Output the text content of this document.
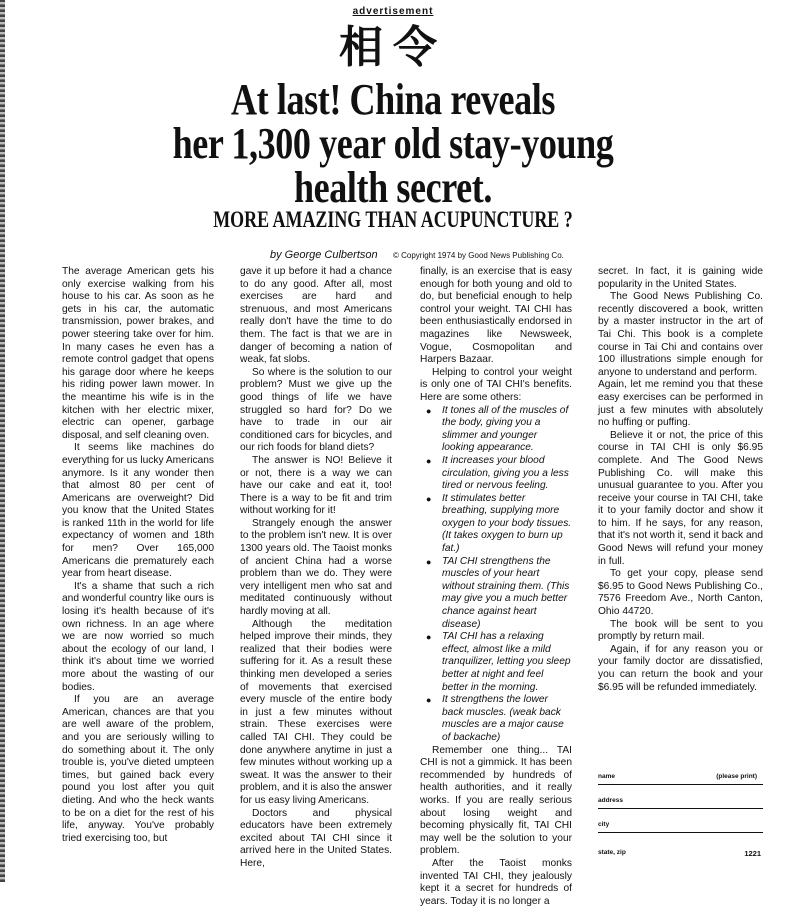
advertisement
相令
At last! China reveals
her 1,300 year old stay-young
health secret.
MORE AMAZING THAN ACUPUNCTURE ?
by George Culbertson © Copyright 1974 by Good News Publishing Co.

The average American gets his only exercise walking from his house to his car. As soon as he gets in his car, the automatic transmission, power brakes, and power steering take over for him. In many cases he even has a remote control gadget that opens his garage door where he keeps his riding power lawn mower. In the meantime his wife is in the kitchen with her electric mixer, electric can opener, garbage disposal, and self cleaning oven.

It seems like machines do everything for us lucky Americans anymore. Is it any wonder then that almost 80 per cent of Americans are overweight? Did you know that the United States is ranked 11th in the world for life expectancy of women and 18th for men? Over 165,000 Americans die prematurely each year from heart disease.

It's a shame that such a rich and wonderful country like ours is losing it's health because of it's own richness. In an age where we are now worried so much about the ecology of our land, I think it's about time we worried more about the wasting of our bodies.

If you are an average American, chances are that you are well aware of the problem, and you are seriously willing to do something about it. The only trouble is, you've dieted umpteen times, but gained back every pound you lost after you quit dieting. And who the heck wants to be on a diet for the rest of his life, anyway. You've probably tried exercising too, but

gave it up before it had a chance to do any good. After all, most exercises are hard and strenuous, and most Americans really don't have the time to do them. The fact is that we are in danger of becoming a nation of weak, fat slobs.

So where is the solution to our problem? Must we give up the good things of life we have struggled so hard for? Do we have to trade in our air conditioned cars for bicycles, and our rich foods for bland diets?

The answer is NO! Believe it or not, there is a way we can have our cake and eat it, too! There is a way to be fit and trim without working for it!

Strangely enough the answer to the problem isn't new. It is over 1300 years old. The Taoist monks of ancient China had a worse problem than we do. They were very intelligent men who sat and meditated continuously without hardly moving at all.

Although the meditation helped improve their minds, they realized that their bodies were suffering for it. As a result these thinking men developed a series of movements that exercised every muscle of the entire body in just a few minutes without strain. These exercises were called TAI CHI. They could be done anywhere anytime in just a few minutes without working up a sweat. It was the answer to their problem, and it is also the answer for us easy living Americans.

Doctors and physical educators have been extremely excited about TAI CHI since it arrived here in the United States. Here,

finally, is an exercise that is easy enough for both young and old to do, but beneficial enough to help control your weight. TAI CHI has been enthusiastically endorsed in magazines like Newsweek, Vogue, Cosmopolitan and Harpers Bazaar.

Helping to control your weight is only one of TAI CHI's benefits. Here are some others:

● It tones all of the muscles of the body, giving you a slimmer and younger looking appearance.
● It increases your blood circulation, giving you a less tired or nervous feeling.
● It stimulates better breathing, supplying more oxygen to your body tissues. (It takes oxygen to burn up fat.)
● TAI CHI strengthens the muscles of your heart without straining them. (This may give you a much better chance against heart disease)
● TAI CHI has a relaxing effect, almost like a mild tranquilizer, letting you sleep better at night and feel better in the morning.
● It strengthens the lower back muscles. (weak back muscles are a major cause of backache)

Remember one thing... TAI CHI is not a gimmick. It has been recommended by hundreds of health authorities, and it really works. If you are really serious about losing weight and becoming physically fit, TAI CHI may well be the solution to your problem.

After the Taoist monks invented TAI CHI, they jealously kept it a secret for hundreds of years. Today it is no longer a

secret. In fact, it is gaining wide popularity in the United States.

The Good News Publishing Co. recently discovered a book, written by a master instructor in the art of Tai Chi. This book is a complete course in Tai Chi and contains over 100 illustrations simple enough for anyone to understand and perform.

Again, let me remind you that these easy exercises can be performed in just a few minutes with absolutely no huffing or puffing.

Believe it or not, the price of this course in TAI CHI is only $6.95 complete. And The Good News Publishing Co. will make this unusual guarantee to you. After you receive your course in TAI CHI, take it to your family doctor and show it to him. If he says, for any reason, that it's not worth it, send it back and Good News will refund your money in full.

To get your copy, please send $6.95 to Good News Publishing Co., 7576 Freedom Ave., North Canton, Ohio 44720.

The book will be sent to you promptly by return mail.

Again, if for any reason you or your family doctor are dissatisfied, you can return the book and your $6.95 will be refunded immediately.

name	(please print)
address
city
state, zip	1221
